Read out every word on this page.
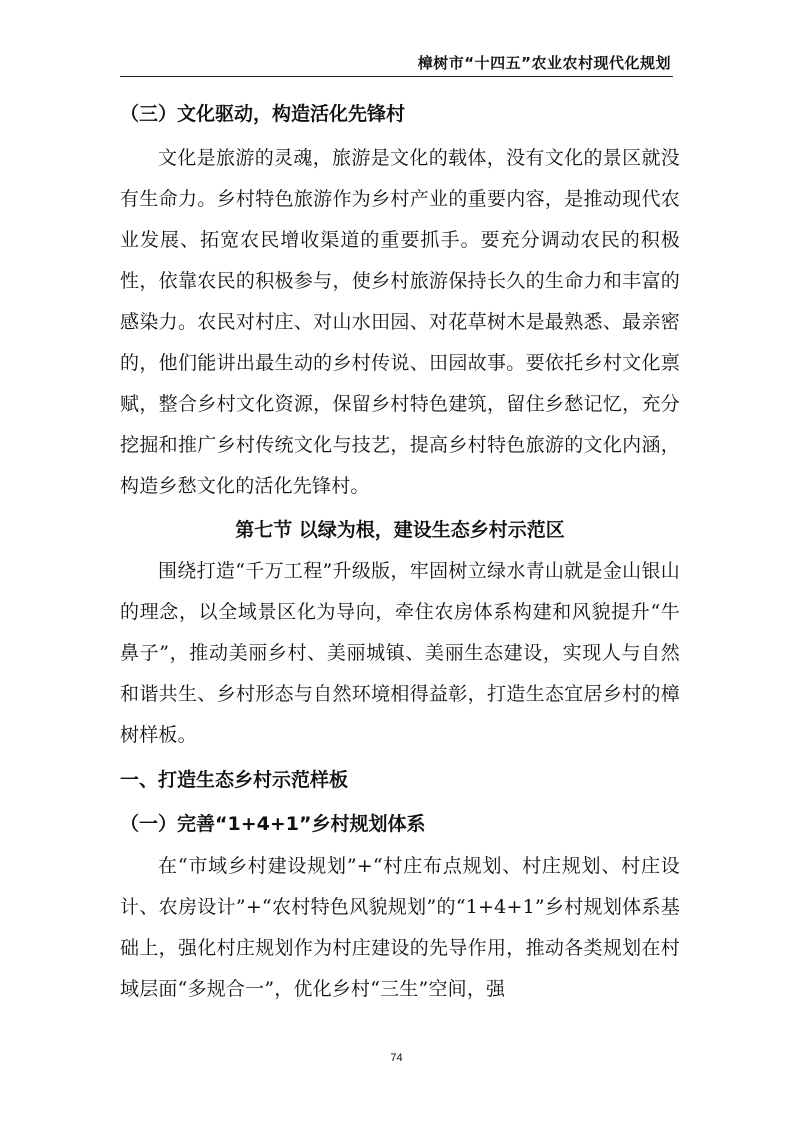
樟树市“十四五”农业农村现代化规划
（三）文化驱动，构造活化先锋村

文化是旅游的灵魂，旅游是文化的载体，没有文化的景区就没有生命力。乡村特色旅游作为乡村产业的重要内容，是推动现代农业发展、拓宽农民增收渠道的重要抓手。要充分调动农民的积极性，依靠农民的积极参与，使乡村旅游保持长久的生命力和丰富的感染力。农民对村庄、对山水田园、对花草树木是最熟悉、最亲密的，他们能讲出最生动的乡村传说、田园故事。要依托乡村文化禀赋，整合乡村文化资源，保留乡村特色建筑，留住乡愁记忆，充分挖掘和推广乡村传统文化与技艺，提高乡村特色旅游的文化内涵，构造乡愁文化的活化先锋村。

第七节 以绿为根，建设生态乡村示范区

围绕打造“千万工程”升级版，牢固树立绿水青山就是金山银山的理念，以全域景区化为导向，牵住农房体系构建和风貌提升“牛鼻子”，推动美丽乡村、美丽城镇、美丽生态建设，实现人与自然和谐共生、乡村形态与自然环境相得益彰，打造生态宜居乡村的樟树样板。

一、打造生态乡村示范样板
（一）完善“1+4+1”乡村规划体系

在“市域乡村建设规划”+“村庄布点规划、村庄规划、村庄设计、农房设计”+“农村特色风貌规划”的“1+4+1”乡村规划体系基础上，强化村庄规划作为村庄建设的先导作用，推动各类规划在村域层面“多规合一”，优化乡村“三生”空间，强

74
